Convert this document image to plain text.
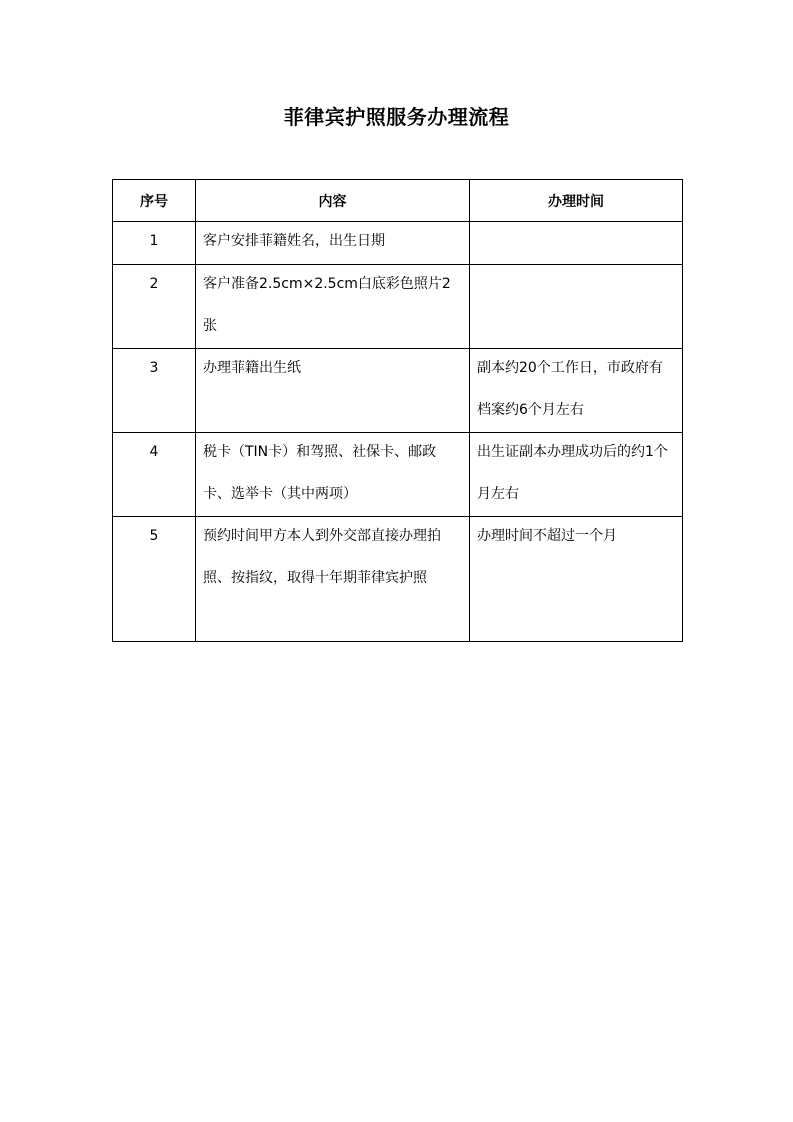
菲律宾护照服务办理流程
序号	内容	办理时间

1	客户安排菲籍姓名，出生日期	

2	客户准备2.5cm×2.5cm白底彩色照片2张	

3	办理菲籍出生纸	副本约20个工作日，市政府有档案约6个月左右

4	税卡（TIN卡）和驾照、社保卡、邮政卡、选举卡（其中两项）	出生证副本办理成功后的约1个月左右

5	预约时间甲方本人到外交部直接办理拍照、按指纹，取得十年期菲律宾护照	办理时间不超过一个月
